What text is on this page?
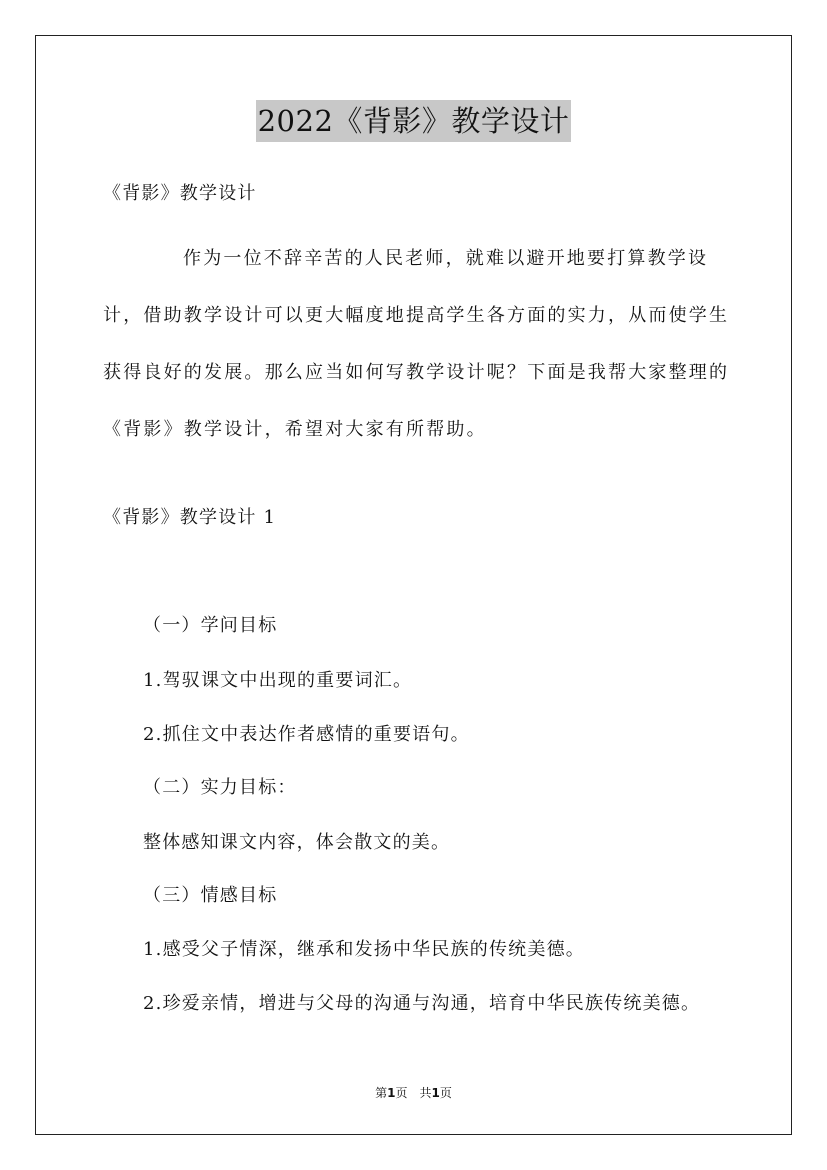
2022《背影》教学设计
《背影》教学设计

作为一位不辞辛苦的人民老师，就难以避开地要打算教学设计，借助教学设计可以更大幅度地提高学生各方面的实力，从而使学生获得良好的发展。那么应当如何写教学设计呢？下面是我帮大家整理的《背影》教学设计，希望对大家有所帮助。

《背影》教学设计 1
（一）学问目标
1.驾驭课文中出现的重要词汇。
2.抓住文中表达作者感情的重要语句。
（二）实力目标：
整体感知课文内容，体会散文的美。
（三）情感目标
1.感受父子情深，继承和发扬中华民族的传统美德。
2.珍爱亲情，增进与父母的沟通与沟通，培育中华民族传统美德。
第1页　共1页
